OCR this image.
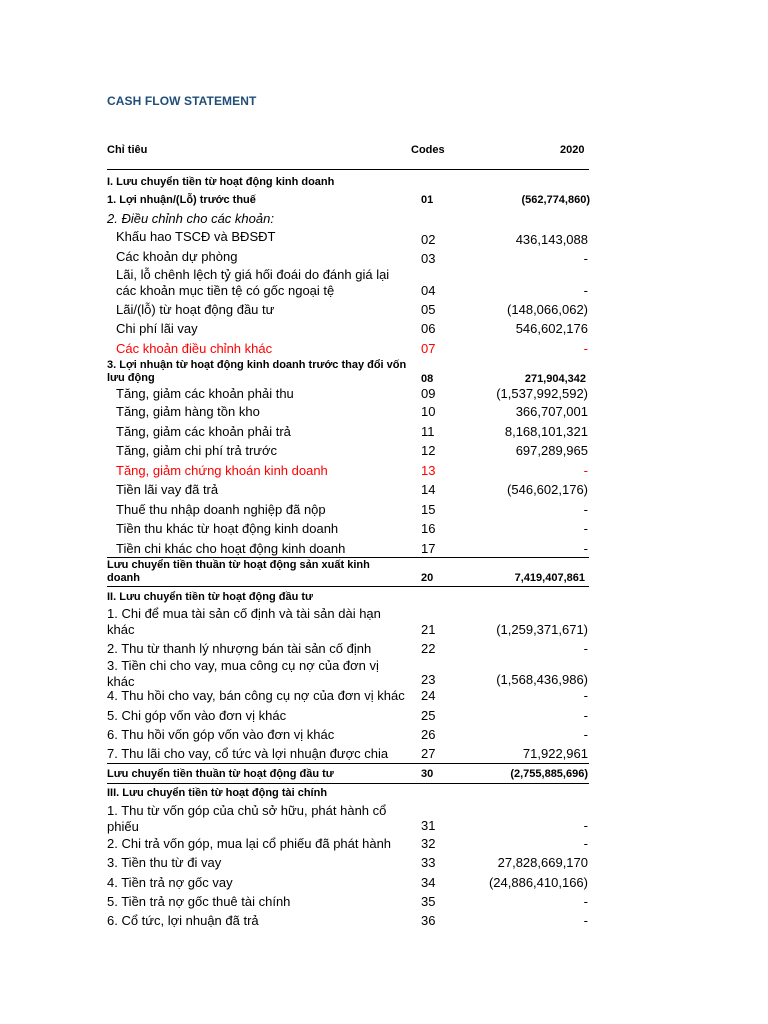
CASH FLOW STATEMENT
Chỉ tiêu	Codes	2020
I. Lưu chuyển tiền từ hoạt động kinh doanh
1. Lợi nhuận/(Lỗ) trước thuế	01	(562,774,860)
2. Điều chỉnh cho các khoản:
Khấu hao TSCĐ và BĐSĐT	02	436,143,088
Các khoản dự phòng	03	-
Lãi, lỗ chênh lệch tỷ giá hối đoái do đánh giá lại các khoản mục tiền tệ có gốc ngoại tệ	04	-
Lãi/(lỗ) từ hoạt động đầu tư	05	(148,066,062)
Chi phí lãi vay	06	546,602,176
Các khoản điều chỉnh khác	07	-
3. Lợi nhuận từ hoạt động kinh doanh trước thay đổi vốn lưu động	08	271,904,342
Tăng, giảm các khoản phải thu	09	(1,537,992,592)
Tăng, giảm hàng tồn kho	10	366,707,001
Tăng, giảm các khoản phải trả	11	8,168,101,321
Tăng, giảm chi phí trả trước	12	697,289,965
Tăng, giảm chứng khoán kinh doanh	13	-
Tiền lãi vay đã trả	14	(546,602,176)
Thuế thu nhập doanh nghiệp đã nộp	15	-
Tiền thu khác từ hoạt động kinh doanh	16	-
Tiền chi khác cho hoạt động kinh doanh	17	-
Lưu chuyển tiền thuần từ hoạt động sản xuất kinh doanh	20	7,419,407,861
II. Lưu chuyển tiền từ hoạt động đầu tư
1. Chi để mua tài sản cố định và tài sản dài hạn khác	21	(1,259,371,671)
2. Thu từ thanh lý nhượng bán tài sản cố định	22	-
3. Tiền chi cho vay, mua công cụ nợ của đơn vị khác	23	(1,568,436,986)
4. Thu hồi cho vay, bán công cụ nợ của đơn vị khác	24	-
5. Chi góp vốn vào đơn vị khác	25	-
6. Thu hồi vốn góp vốn vào đơn vị khác	26	-
7. Thu lãi cho vay, cổ tức và lợi nhuận được chia	27	71,922,961
Lưu chuyển tiền thuần từ hoạt động đầu tư	30	(2,755,885,696)
III. Lưu chuyển tiền từ hoạt động tài chính
1. Thu từ vốn góp của chủ sở hữu, phát hành cổ phiếu	31	-
2. Chi trả vốn góp, mua lại cổ phiếu đã phát hành	32	-
3. Tiền thu từ đi vay	33	27,828,669,170
4. Tiền trả nợ gốc vay	34	(24,886,410,166)
5. Tiền trả nợ gốc thuê tài chính	35	-
6. Cổ tức, lợi nhuận đã trả	36	-
